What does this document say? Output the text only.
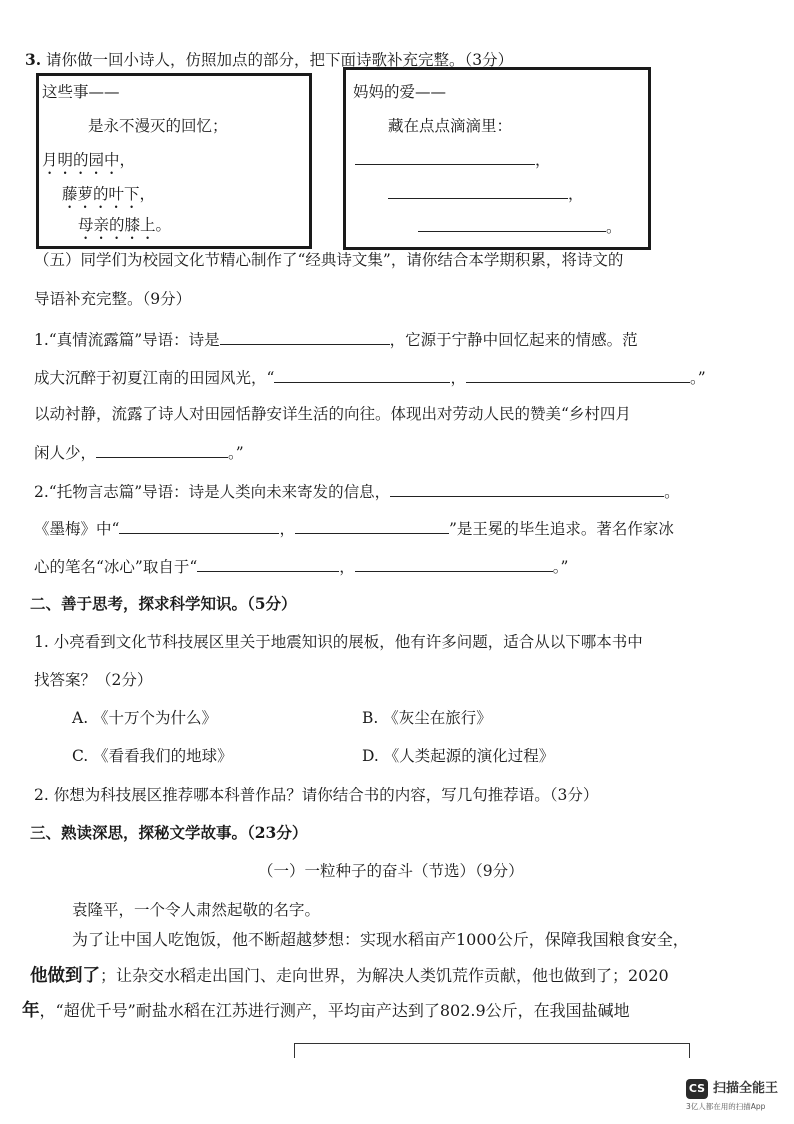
3. 请你做一回小诗人，仿照加点的部分，把下面诗歌补充完整。（3分）
这些事——
是永不漫灭的回忆；
月明的园中，
藤萝的叶下，
母亲的膝上。
妈妈的爱——
藏在点点滴滴里：
，
，
。
（五）同学们为校园文化节精心制作了“经典诗文集”，请你结合本学期积累，将诗文的
导语补充完整。（9分）
1.“真情流露篇”导语：诗是	，它源于宁静中回忆起来的情感。范
成大沉醉于初夏江南的田园风光，“	，	。”
以动衬静，流露了诗人对田园恬静安详生活的向往。体现出对劳动人民的赞美“乡村四月
闲人少，	。”
2.“托物言志篇”导语：诗是人类向未来寄发的信息，	。
《墨梅》中“	，	”是王冕的毕生追求。著名作家冰
心的笔名“冰心”取自于“	，	。”
二、善于思考，探求科学知识。（5分）
1. 小亮看到文化节科技展区里关于地震知识的展板，他有许多问题，适合从以下哪本书中
找答案？（2分）
A. 《十万个为什么》	B. 《灰尘在旅行》
C. 《看看我们的地球》	D. 《人类起源的演化过程》
2. 你想为科技展区推荐哪本科普作品？请你结合书的内容，写几句推荐语。（3分）
三、熟读深思，探秘文学故事。（23分）
（一）一粒种子的奋斗（节选）（9分）
袁隆平，一个令人肃然起敬的名字。
为了让中国人吃饱饭，他不断超越梦想：实现水稻亩产1000公斤，保障我国粮食安全，
他做到了；让杂交水稻走出国门、走向世界，为解决人类饥荒作贡献，他也做到了；2020
年，“超优千号”耐盐水稻在江苏进行测产，平均亩产达到了802.9公斤，在我国盐碱地
CS 扫描全能王
3亿人都在用的扫描App
